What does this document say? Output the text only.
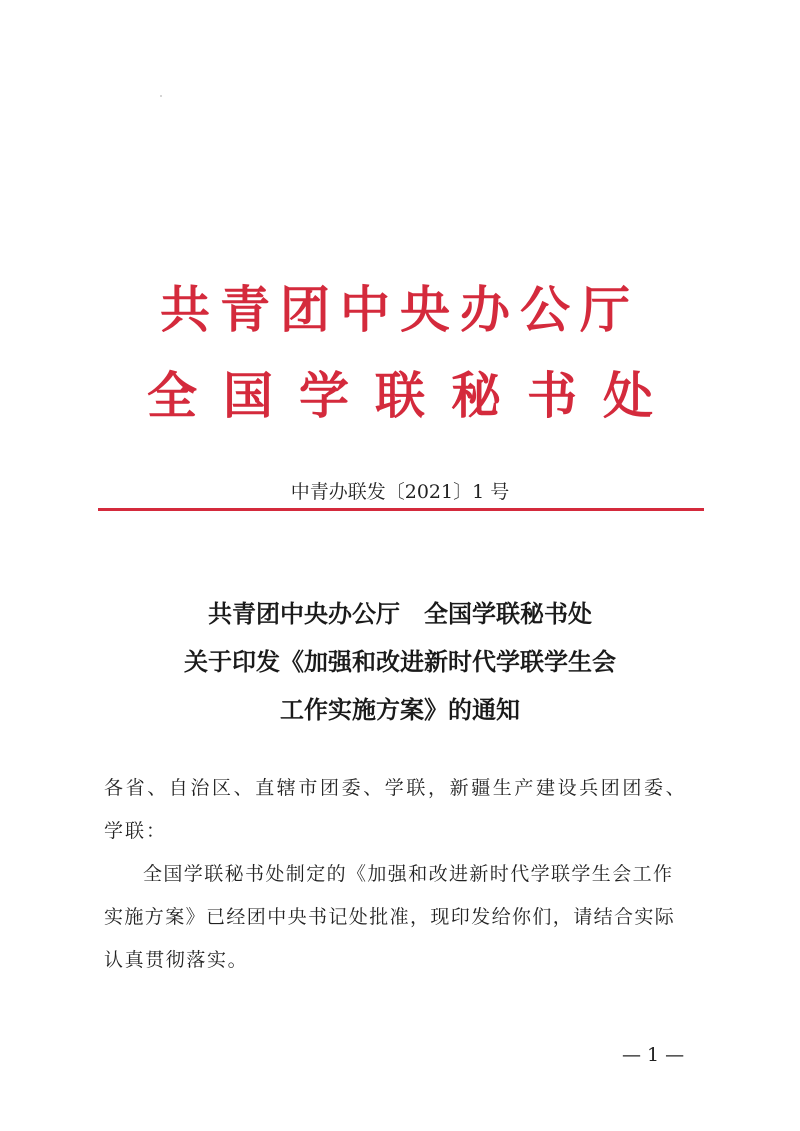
共青团中央办公厅
全国学联秘书处
中青办联发〔2021〕1 号
共青团中央办公厅　全国学联秘书处
关于印发《加强和改进新时代学联学生会
工作实施方案》的通知
各省、自治区、直辖市团委、学联，新疆生产建设兵团团委、
学联：
全国学联秘书处制定的《加强和改进新时代学联学生会工作
实施方案》已经团中央书记处批准，现印发给你们，请结合实际
认真贯彻落实。
— 1 —
